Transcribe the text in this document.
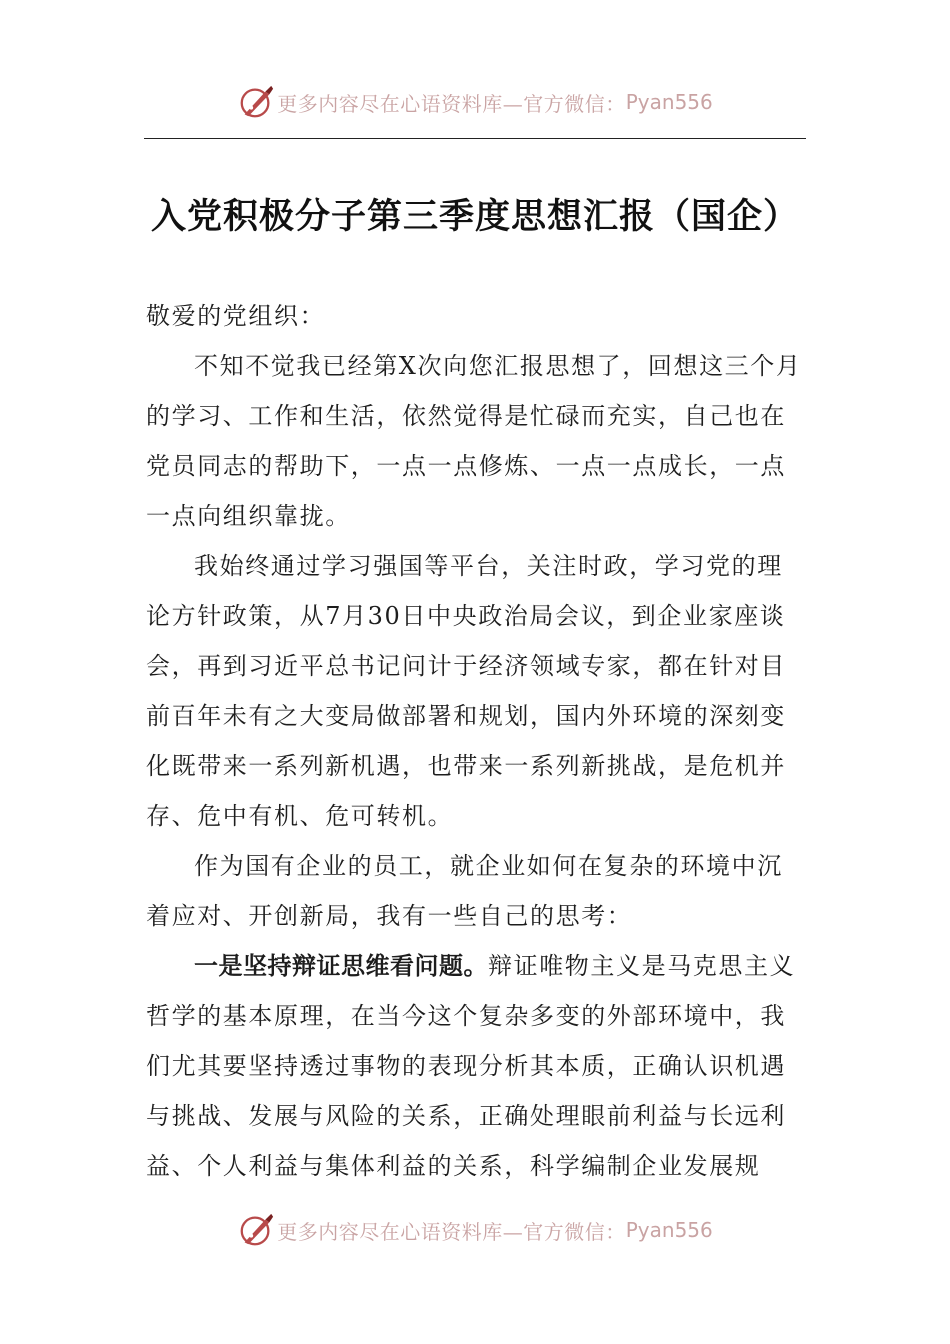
更多内容尽在心语资料库—官方微信： Pyan556
入党积极分子第三季度思想汇报（国企）

敬爱的党组织：

不知不觉我已经第X次向您汇报思想了，回想这三个月的学习、工作和生活，依然觉得是忙碌而充实，自己也在党员同志的帮助下，一点一点修炼、一点一点成长，一点一点向组织靠拢。

我始终通过学习强国等平台，关注时政，学习党的理论方针政策，从7月30日中央政治局会议，到企业家座谈会，再到习近平总书记问计于经济领域专家，都在针对目前百年未有之大变局做部署和规划，国内外环境的深刻变化既带来一系列新机遇，也带来一系列新挑战，是危机并存、危中有机、危可转机。

作为国有企业的员工，就企业如何在复杂的环境中沉着应对、开创新局，我有一些自己的思考：

一是坚持辩证思维看问题。辩证唯物主义是马克思主义哲学的基本原理，在当今这个复杂多变的外部环境中，我们尤其要坚持透过事物的表现分析其本质，正确认识机遇与挑战、发展与风险的关系，正确处理眼前利益与长远利益、个人利益与集体利益的关系，科学编制企业发展规

更多内容尽在心语资料库—官方微信： Pyan556
